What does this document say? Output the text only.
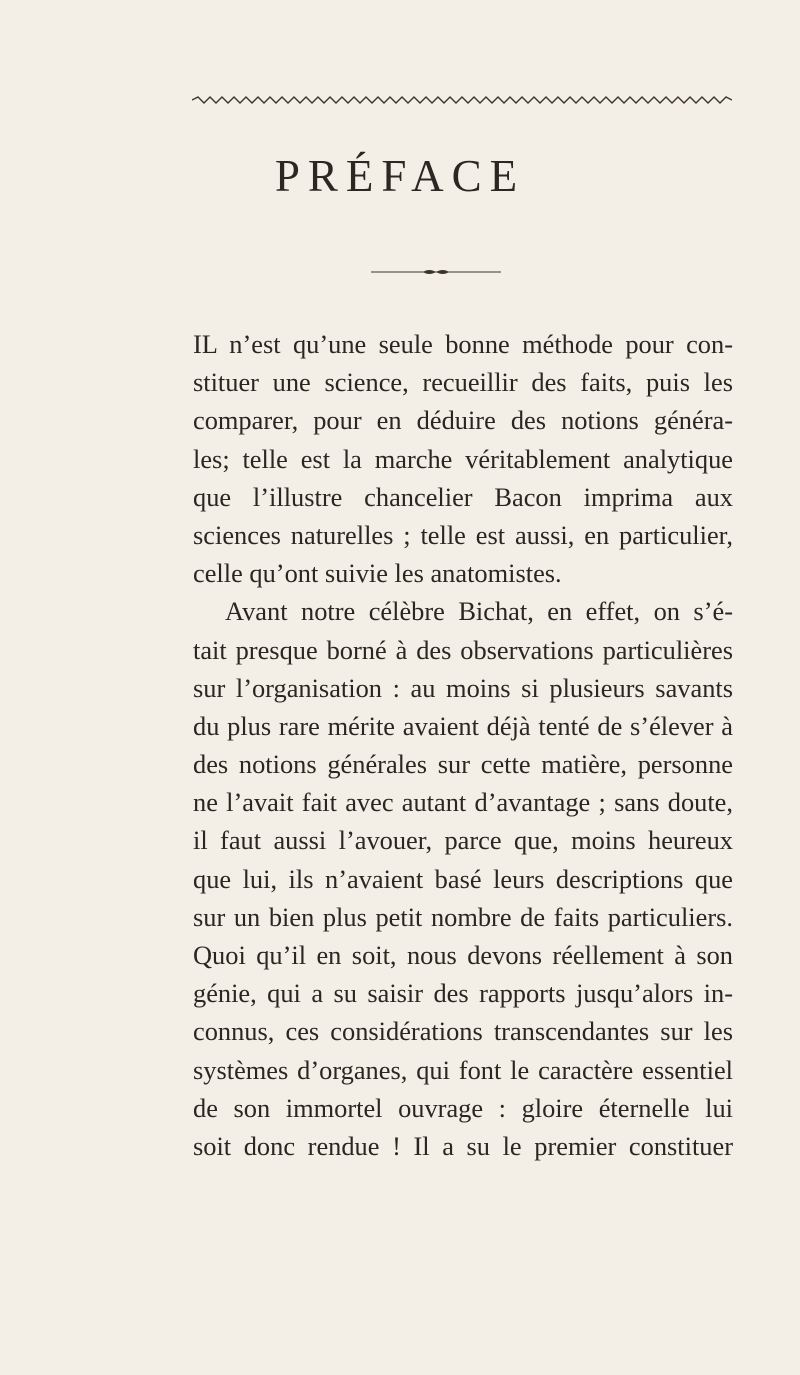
PRÉFACE
IL n’est qu’une seule bonne méthode pour con-
stituer une science, recueillir des faits, puis les
comparer, pour en déduire des notions généra-
les; telle est la marche véritablement analytique
que l’illustre chancelier Bacon imprima aux
sciences naturelles ; telle est aussi, en particulier,
celle qu’ont suivie les anatomistes.
Avant notre célèbre Bichat, en effet, on s’é-
tait presque borné à des observations particulières
sur l’organisation : au moins si plusieurs savants
du plus rare mérite avaient déjà tenté de s’élever à
des notions générales sur cette matière, personne
ne l’avait fait avec autant d’avantage ; sans doute,
il faut aussi l’avouer, parce que, moins heureux
que lui, ils n’avaient basé leurs descriptions que
sur un bien plus petit nombre de faits particuliers.
Quoi qu’il en soit, nous devons réellement à son
génie, qui a su saisir des rapports jusqu’alors in-
connus, ces considérations transcendantes sur les
systèmes d’organes, qui font le caractère essentiel
de son immortel ouvrage : gloire éternelle lui
soit donc rendue ! Il a su le premier constituer
